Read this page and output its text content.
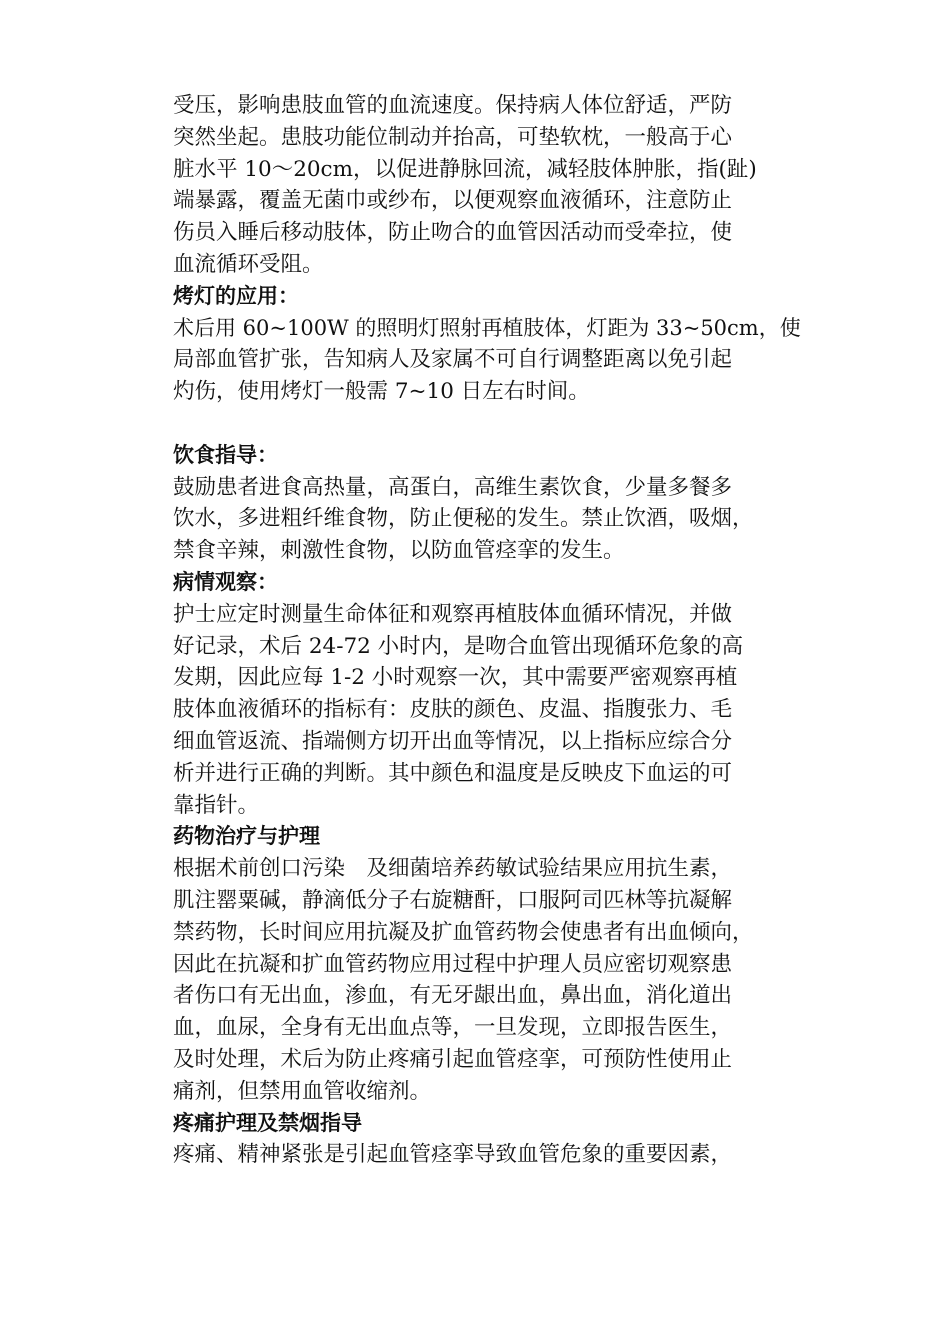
受压，影响患肢血管的血流速度。保持病人体位舒适，严防
突然坐起。患肢功能位制动并抬高，可垫软枕，一般高于心
脏水平 10～20cm，以促进静脉回流，减轻肢体肿胀，指(趾)
端暴露，覆盖无菌巾或纱布，以便观察血液循环，注意防止
伤员入睡后移动肢体，防止吻合的血管因活动而受牵拉，使
血流循环受阻。
烤灯的应用：
术后用 60~100W 的照明灯照射再植肢体，灯距为 33~50cm，使
局部血管扩张，告知病人及家属不可自行调整距离以免引起
灼伤，使用烤灯一般需 7~10 日左右时间。
饮食指导：
鼓励患者进食高热量，高蛋白，高维生素饮食，少量多餐多
饮水，多进粗纤维食物，防止便秘的发生。禁止饮酒，吸烟，
禁食辛辣，刺激性食物，以防血管痉挛的发生。
病情观察：
护士应定时测量生命体征和观察再植肢体血循环情况，并做
好记录，术后 24-72 小时内，是吻合血管出现循环危象的高
发期，因此应每 1-2 小时观察一次，其中需要严密观察再植
肢体血液循环的指标有：皮肤的颜色、皮温、指腹张力、毛
细血管返流、指端侧方切开出血等情况，以上指标应综合分
析并进行正确的判断。其中颜色和温度是反映皮下血运的可
靠指针。
药物治疗与护理
根据术前创口污染　及细菌培养药敏试验结果应用抗生素，
肌注罂粟碱，静滴低分子右旋糖酐，口服阿司匹林等抗凝解
禁药物，长时间应用抗凝及扩血管药物会使患者有出血倾向，
因此在抗凝和扩血管药物应用过程中护理人员应密切观察患
者伤口有无出血，渗血，有无牙龈出血，鼻出血，消化道出
血，血尿，全身有无出血点等，一旦发现，立即报告医生，
及时处理，术后为防止疼痛引起血管痉挛，可预防性使用止
痛剂，但禁用血管收缩剂。
疼痛护理及禁烟指导
疼痛、精神紧张是引起血管痉挛导致血管危象的重要因素，
